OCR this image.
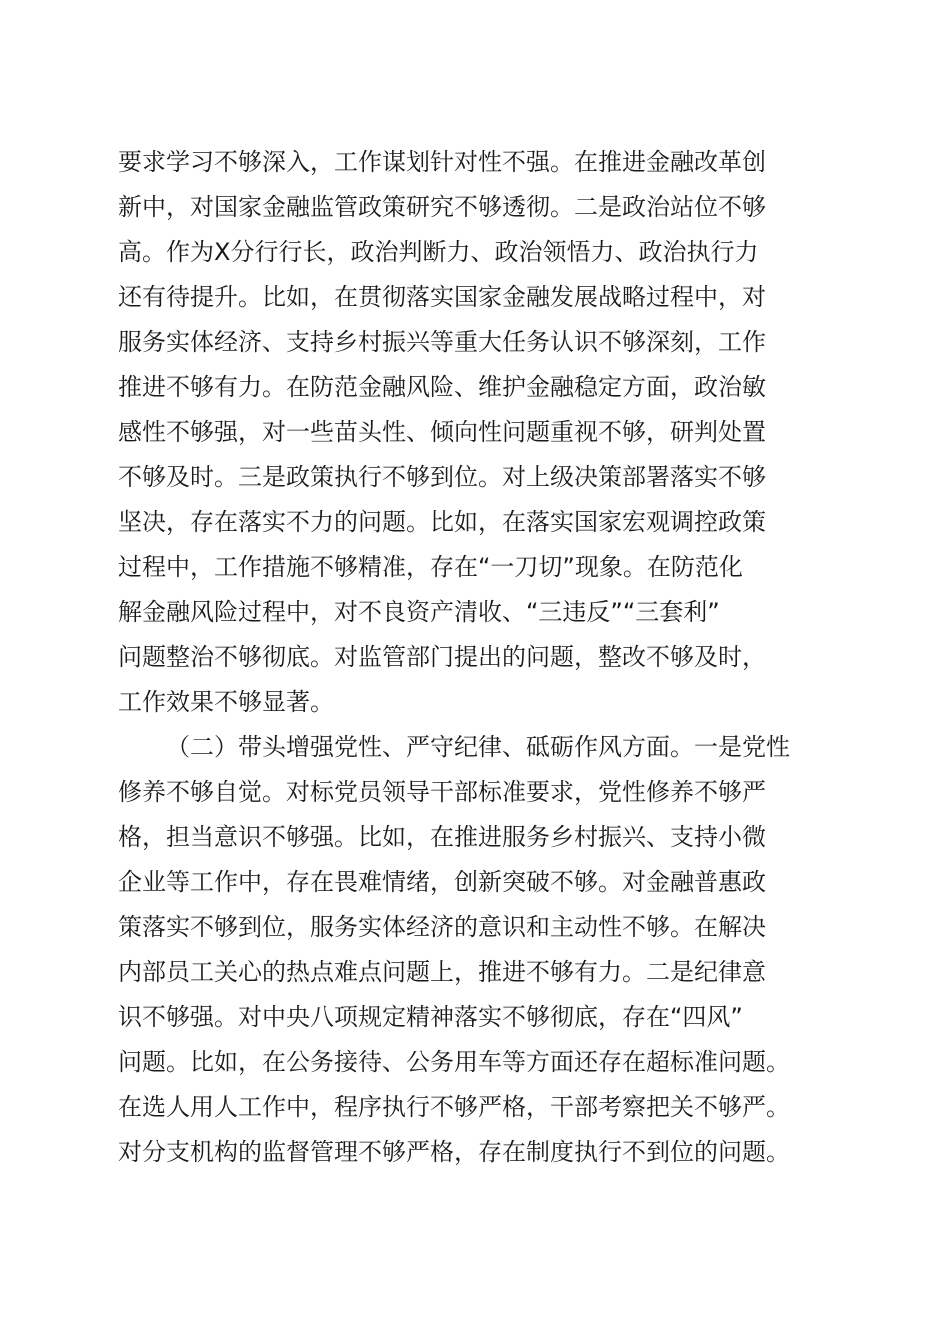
要求学习不够深入，工作谋划针对性不强。在推进金融改革创
新中，对国家金融监管政策研究不够透彻。二是政治站位不够
高。作为X分行行长，政治判断力、政治领悟力、政治执行力
还有待提升。比如，在贯彻落实国家金融发展战略过程中，对
服务实体经济、支持乡村振兴等重大任务认识不够深刻，工作
推进不够有力。在防范金融风险、维护金融稳定方面，政治敏
感性不够强，对一些苗头性、倾向性问题重视不够，研判处置
不够及时。三是政策执行不够到位。对上级决策部署落实不够
坚决，存在落实不力的问题。比如，在落实国家宏观调控政策
过程中，工作措施不够精准，存在“一刀切”现象。在防范化
解金融风险过程中，对不良资产清收、“三违反”“三套利”
问题整治不够彻底。对监管部门提出的问题，整改不够及时，
工作效果不够显著。
（二）带头增强党性、严守纪律、砥砺作风方面。一是党性
修养不够自觉。对标党员领导干部标准要求，党性修养不够严
格，担当意识不够强。比如，在推进服务乡村振兴、支持小微
企业等工作中，存在畏难情绪，创新突破不够。对金融普惠政
策落实不够到位，服务实体经济的意识和主动性不够。在解决
内部员工关心的热点难点问题上，推进不够有力。二是纪律意
识不够强。对中央八项规定精神落实不够彻底，存在“四风”
问题。比如，在公务接待、公务用车等方面还存在超标准问题。
在选人用人工作中，程序执行不够严格，干部考察把关不够严。
对分支机构的监督管理不够严格，存在制度执行不到位的问题。
